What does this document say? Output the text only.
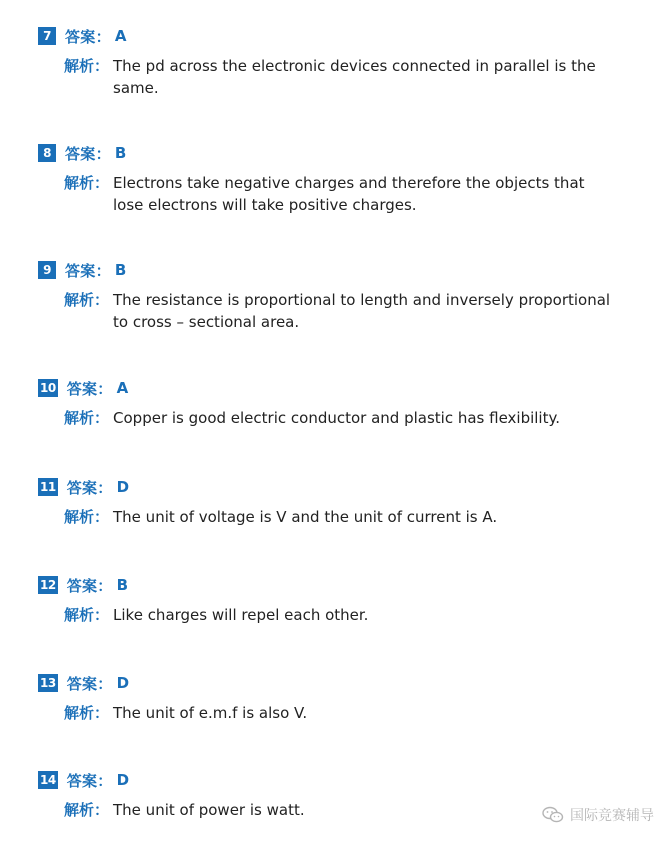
7 答案： A
解析： The pd across the electronic devices connected in parallel is the same.
8 答案： B
解析： Electrons take negative charges and therefore the objects that lose electrons will take positive charges.
9 答案： B
解析： The resistance is proportional to length and inversely proportional to cross – sectional area.
10 答案： A
解析： Copper is good electric conductor and plastic has flexibility.
11 答案： D
解析： The unit of voltage is V and the unit of current is A.
12 答案： B
解析： Like charges will repel each other.
13 答案： D
解析： The unit of e.m.f is also V.
14 答案： D
解析： The unit of power is watt.	国际竞赛辅导
